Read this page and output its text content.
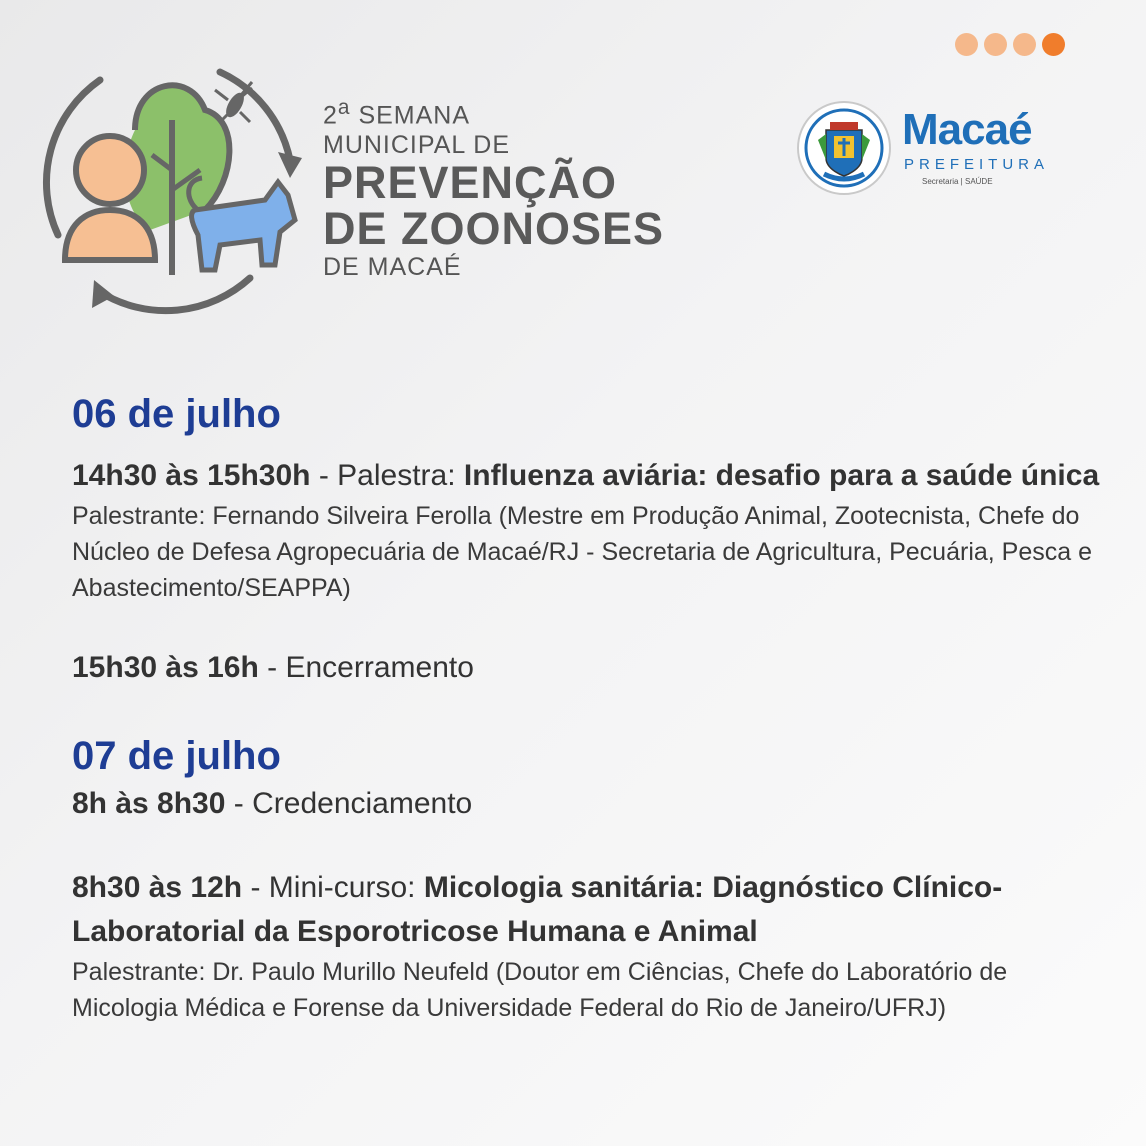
2$^a$ SEMANA
MUNICIPAL DE
PREVENÇÃO
DE ZOONOSES
DE MACAÉ
Macaé
PREFEITURA
Secretaria | SAÚDE

06 de julho

14h30 às 15h30h - Palestra: Influenza aviária: desafio para a saúde única

Palestrante: Fernando Silveira Ferolla (Mestre em Produção Animal, Zootecnista, Chefe do Núcleo de Defesa Agropecuária de Macaé/RJ - Secretaria de Agricultura, Pecuária, Pesca e Abastecimento/SEAPPA)

15h30 às 16h - Encerramento

07 de julho

8h às 8h30 - Credenciamento

8h30 às 12h - Mini-curso: Micologia sanitária: Diagnóstico Clínico-Laboratorial da Esporotricose Humana e Animal

Palestrante: Dr. Paulo Murillo Neufeld (Doutor em Ciências, Chefe do Laboratório de Micologia Médica e Forense da Universidade Federal do Rio de Janeiro/UFRJ)
